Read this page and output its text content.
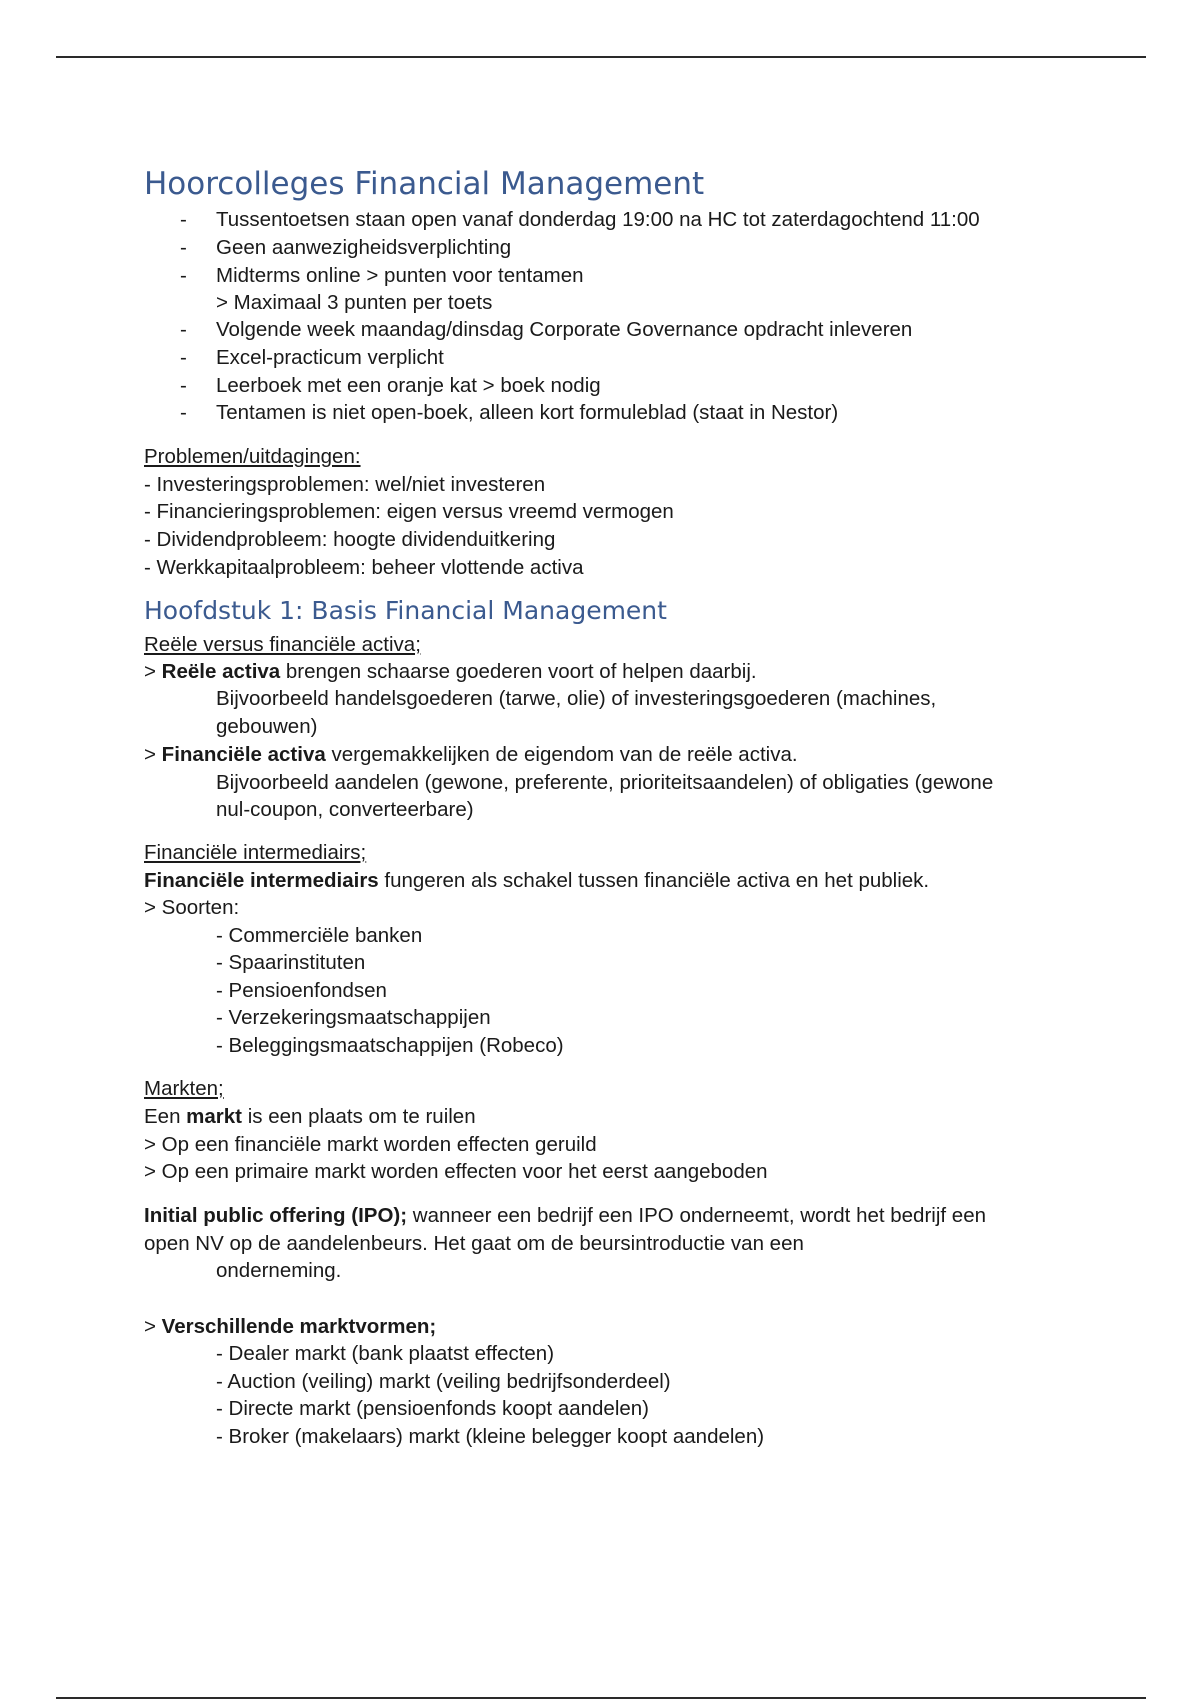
Hoorcolleges Financial Management
- Tussentoetsen staan open vanaf donderdag 19:00 na HC tot zaterdagochtend 11:00
- Geen aanwezigheidsverplichting
- Midterms online > punten voor tentamen
> Maximaal 3 punten per toets
- Volgende week maandag/dinsdag Corporate Governance opdracht inleveren
- Excel-practicum verplicht
- Leerboek met een oranje kat > boek nodig
- Tentamen is niet open-boek, alleen kort formuleblad (staat in Nestor)
Problemen/uitdagingen:
- Investeringsproblemen: wel/niet investeren
- Financieringsproblemen: eigen versus vreemd vermogen
- Dividendprobleem: hoogte dividenduitkering
- Werkkapitaalprobleem: beheer vlottende activa
Hoofdstuk 1: Basis Financial Management
Reële versus financiële activa;
> Reële activa brengen schaarse goederen voort of helpen daarbij.
Bijvoorbeeld handelsgoederen (tarwe, olie) of investeringsgoederen (machines,
gebouwen)
> Financiële activa vergemakkelijken de eigendom van de reële activa.
Bijvoorbeeld aandelen (gewone, preferente, prioriteitsaandelen) of obligaties (gewone
nul-coupon, converteerbare)
Financiële intermediairs;
Financiële intermediairs fungeren als schakel tussen financiële activa en het publiek.
> Soorten:
- Commerciële banken
- Spaarinstituten
- Pensioenfondsen
- Verzekeringsmaatschappijen
- Beleggingsmaatschappijen (Robeco)
Markten;
Een markt is een plaats om te ruilen
> Op een financiële markt worden effecten geruild
> Op een primaire markt worden effecten voor het eerst aangeboden
Initial public offering (IPO); wanneer een bedrijf een IPO onderneemt, wordt het bedrijf een
open NV op de aandelenbeurs. Het gaat om de beursintroductie van een
onderneming.
> Verschillende marktvormen;
- Dealer markt (bank plaatst effecten)
- Auction (veiling) markt (veiling bedrijfsonderdeel)
- Directe markt (pensioenfonds koopt aandelen)
- Broker (makelaars) markt (kleine belegger koopt aandelen)
